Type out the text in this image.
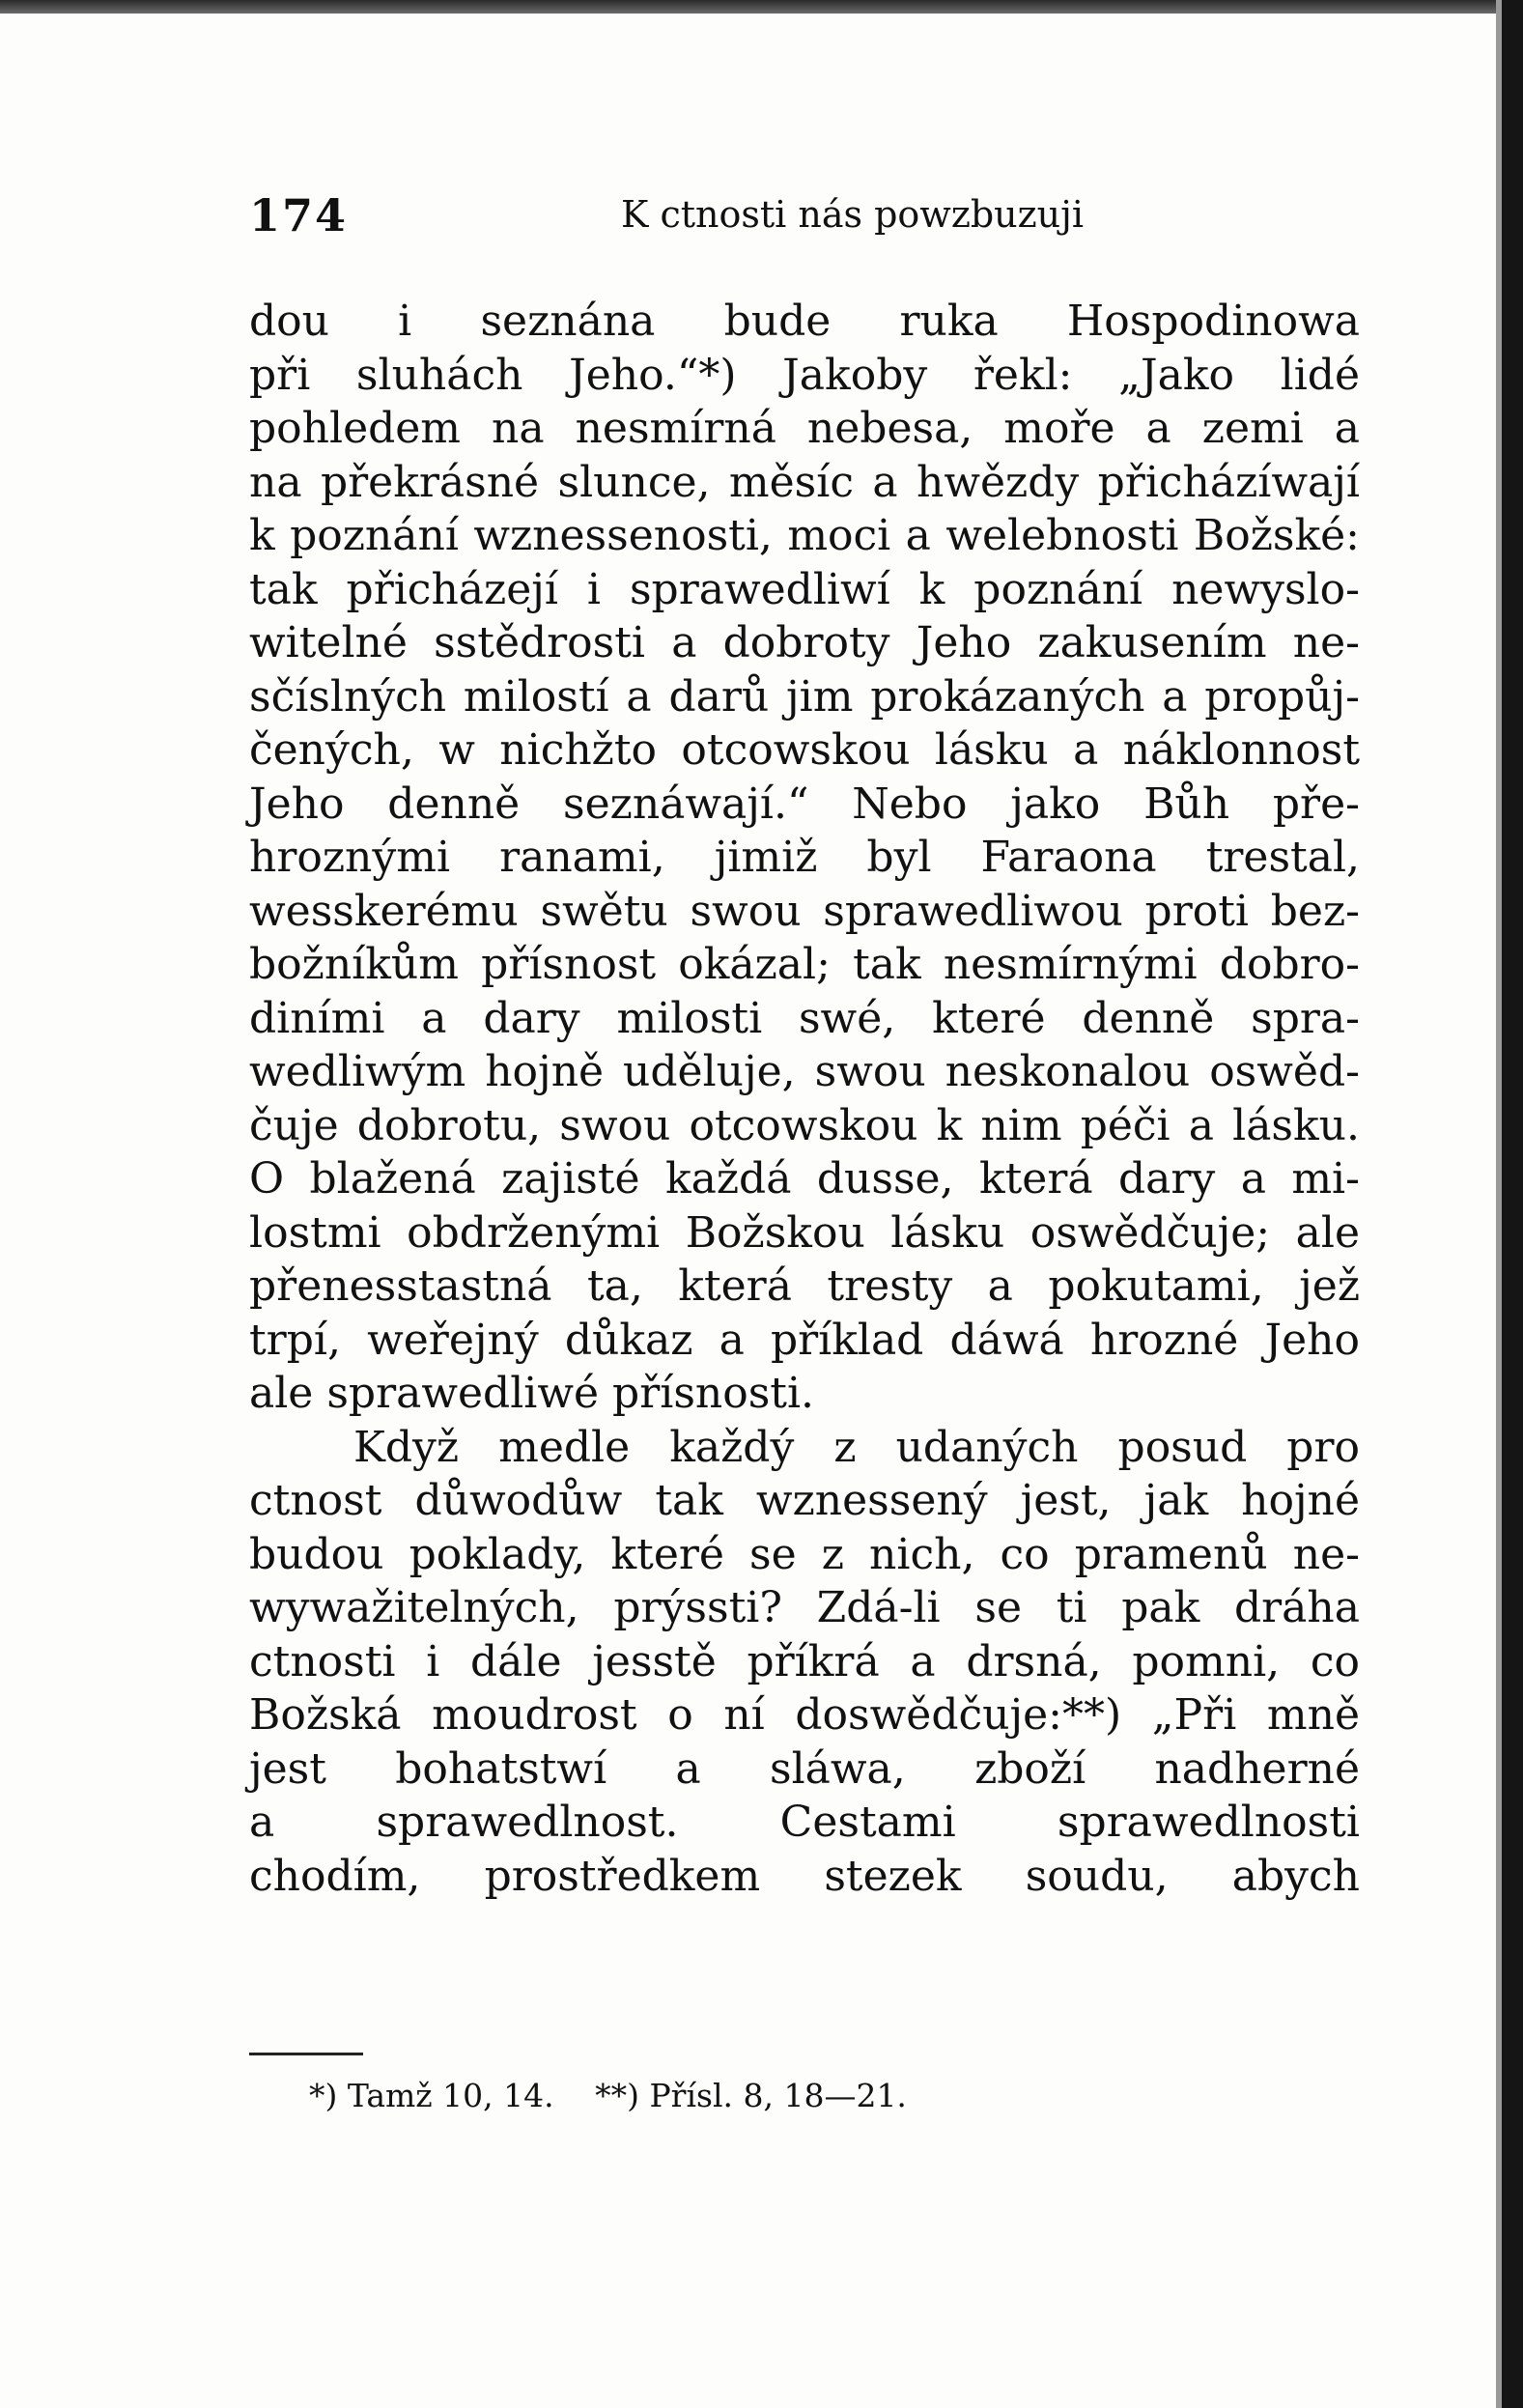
174	K ctnosti nás powzbuzuji
dou i seznána bude ruka Hospodinowa
při sluhách Jeho.“*) Jakoby řekl: „Jako lidé
pohledem na nesmírná nebesa, moře a zemi a
na překrásné slunce, měsíc a hwězdy přicházíwají
k poznání wznessenosti, moci a welebnosti Božské:
tak přicházejí i sprawedliwí k poznání newyslo-
witelné sstědrosti a dobroty Jeho zakusením ne-
sčíslných milostí a darů jim prokázaných a propůj-
čených, w nichžto otcowskou lásku a náklonnost
Jeho denně seznáwají.“ Nebo jako Bůh pře-
hroznými ranami, jimiž byl Faraona trestal,
wesskerému swětu swou sprawedliwou proti bez-
božníkům přísnost okázal; tak nesmírnými dobro-
diními a dary milosti swé, které denně spra-
wedliwým hojně uděluje, swou neskonalou oswěd-
čuje dobrotu, swou otcowskou k nim péči a lásku.
O blažená zajisté každá dusse, která dary a mi-
lostmi obdrženými Božskou lásku oswědčuje; ale
přenesstastná ta, která tresty a pokutami, jež
trpí, weřejný důkaz a příklad dáwá hrozné Jeho
ale sprawedliwé přísnosti.
Když medle každý z udaných posud pro
ctnost důwodůw tak wznessený jest, jak hojné
budou poklady, které se z nich, co pramenů ne-
wywažitelných, prýssti? Zdá-li se ti pak dráha
ctnosti i dále jesstě příkrá a drsná, pomni, co
Božská moudrost o ní doswědčuje:**) „Při mně
jest bohatstwí a sláwa, zboží nadherné
a sprawedlnost. Cestami sprawedlnosti
chodím, prostředkem stezek soudu, abych
*) Tamž 10, 14. **) Přísl. 8, 18—21.
